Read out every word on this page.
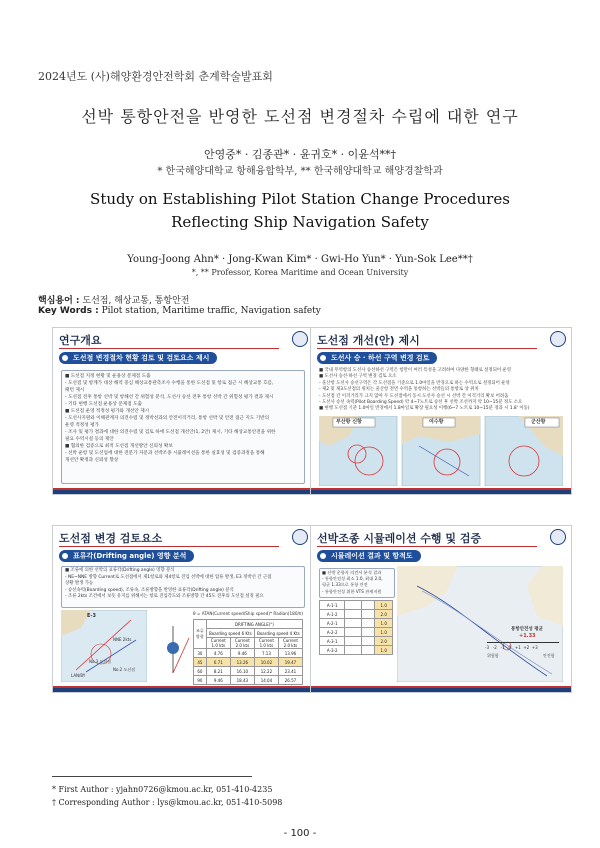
2024년도 (사)해양환경안전학회 춘계학술발표회
선박 통항안전을 반영한 도선점 변경절차 수립에 대한 연구
안영중* · 김종관* · 윤귀호* · 이윤석**†
* 한국해양대학교 항해융합학부, ** 한국해양대학교 해양경찰학과
Study on Establishing Pilot Station Change Procedures
Reflecting Ship Navigation Safety
Young-Joong Ahn* · Jong-Kwan Kim* · Gwi-Ho Yun* · Yun-Sok Lee**†
*, ** Professor, Korea Maritime and Ocean University
핵심용어 : 도선점, 해상교통, 통항안전
Key Words : Pilot station, Maritime traffic, Navigation safety
연구개요
도선점 변경절차 현황 검토 및 검토요소 제시
■ 도선점 지정 현황 및 운용상 문제점 도출
- 도선점 및 항계가 대상 해역 중심 해상교통관측조사 수행을 통한 도선점 및 항로 접근 시 해상교통 흐름,
패턴 제시
- 도선점 전후 통항 선박 및 항해선 간 위험성 분석, 도선사 승선 전후 통항 선박 간 위험성 평가 결과 제시
- 기타 현행 도선점 운용상 문제점 도출
■ 도선점 운영 적정성 평가와 개선안 제시
- 도선사지원와 이해관계자 의견수렴 및 정박선과의 안전이격거리, 통항 선박 및 안전 접근 지도 기반의
운영 적정성 평가
- 조사 및 평가 결과에 대한 의견수렴 및 검토 하에 도선점 개선안(1, 2안) 제시, 기타 해상교통안전을 위한
필요 수역시설 등의 제안
■ 협의한 검증으로 최적 도선점 개선방안 신뢰성 확보
- 선박 운항 및 도선업에 대한 전문가 자문과 선박조종 시뮬레이션을 통한 실효성 및 검증과정을 통해
개선안 확정과 신뢰성 향상
도선점 개선(안) 제시
도선사 승 · 하선 구역 변경 검토
■ 국내 무역항의 도선사 승선하선 구역은 항만이 여러 특성을 고려하여 다양한 형태로 설정되어 운영
■ 도선사 승선·하선 구역 변경 검토 요소
- 울산항 도선사 승선구역은 각 도선점을 기준으로 1.0마일을 반경으로 하는 수역으로 설정되어 운영
- 제2 및 제3도선점의 위치는 울산항 전면 수역을 통항하는 선박들의 통항로 상 위치
- 도선점 간 이격거리가 크지 않아 두 도선점에서 동시 도선사 승선 시 선박 간 이격거리 확보 어려움
- 도선사 승선 속력(Pilot Boarding Speed) 약 4~7노트로 승선 후 선박 조선까지 약 10~15분 정도 소요
■ 현행 도선점 기준 1.0마일 반경에서 1.8마일로 확장 필요성 이행(6~7 노트로 10~15분 경과 시 1.8' 이동)
부산항 신항	여수항	군산항
도선점 변경 검토요소
표류각(Drifting angle) 영향 분석
■ 조류에 의한 선박의 표류각(Drifting angle) 영향 분석
- NE~NNE 방향 Current로 도선점에서 제1항로와 제4항로 진입 선박에 대한 압류 발생, E3 정박선 간 근접
상황 발생 가능
- 승선속력(Boarding speed), 조류속, 조류방향을 반영한 표류각(Drifting angle) 분석
- 조류 2kts 조건에서 보듯 유지를 위해서는 항로 진입각도와 조류방향 간 45도 전후의 도선점 설정 필요
E-3
NNE 2kts
No.2 도선점
No.3 도선점
LAN/BY
θ = ATAN(Current speed/Ship speed)* Radian(180/π)
조류 방향	DRIFTING ANGLE(°)			
	Boarding speed 6 Kts		Boarding speed 4 Kts	
	Current 1.0 kts	Current 2.0 kts	Current 1.0 kts	Current 2.0 kts
30	4.76	9.46	7.13	13.96
45	6.71	13.26	10.02	19.47
60	8.21	16.10	12.22	23.41
90	9.46	18.43	14.04	26.57
선박조종 시뮬레이션 수행 및 검증
시뮬레이션 결과 및 항적도
■ 선박 운항자 의견서 분석 결과
- 통항안전성 최소 1.0, 최대 2.0,
평균 1.33으로 통항 안전
- 통항안전성 위한 VTS 관제지원
A-1-1			1.0
A-1-2			2.0
A-2-1			1.0
A-2-2			1.0
A-3-1			2.0
A-3-2			1.0
통항안전성 평균
+1.33
-3 -2 -1 0 +1 +2 +3
위험함	안전함
* First Author : yjahn0726@kmou.ac.kr, 051-410-4235
† Corresponding Author : lys@kmou.ac.kr, 051-410-5098
- 100 -
